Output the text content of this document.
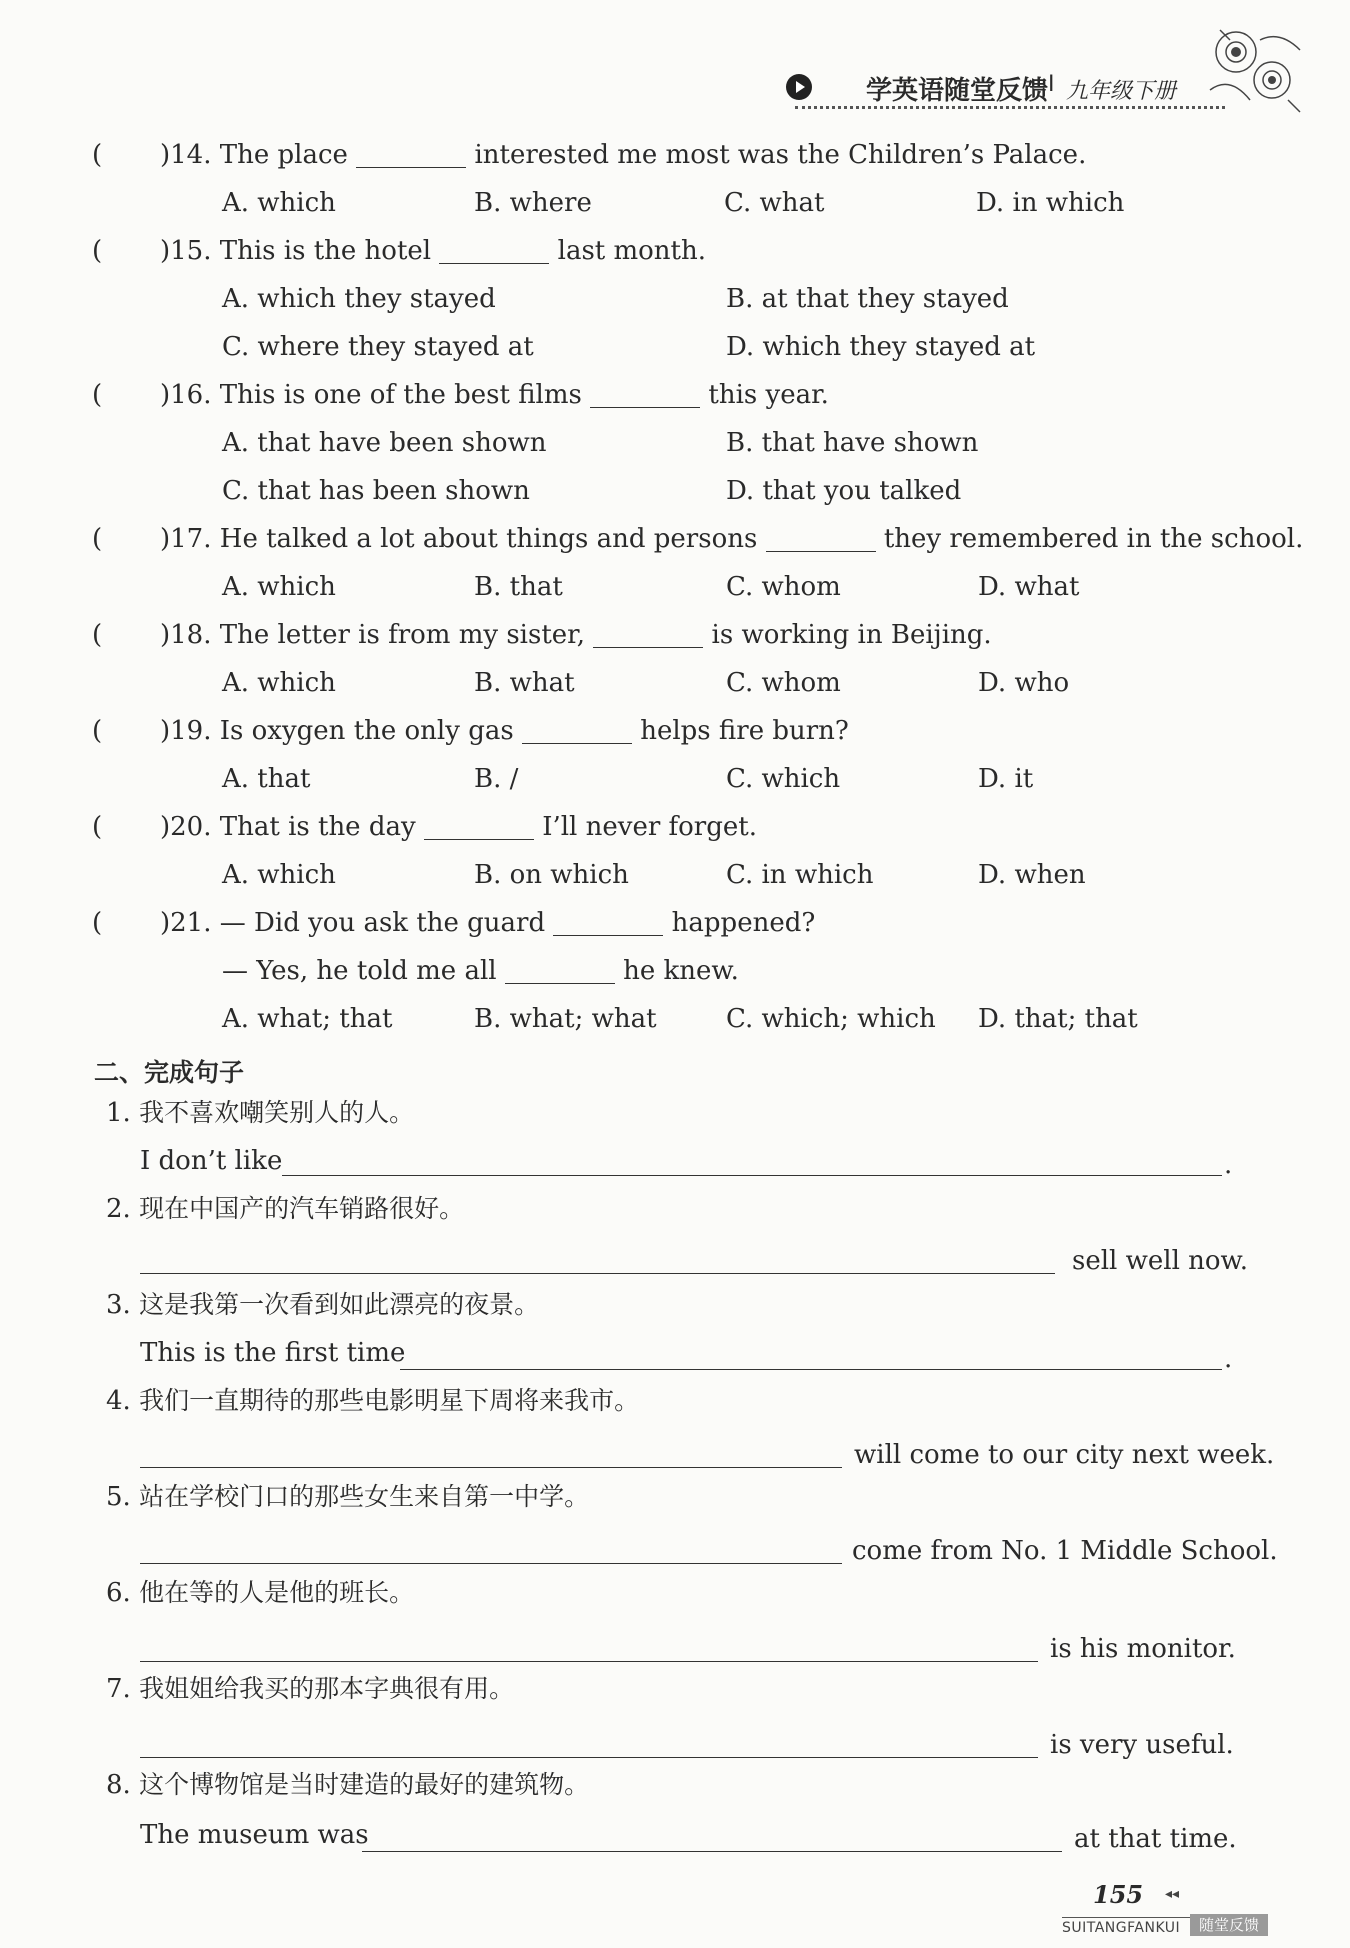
学英语随堂反馈 I 九年级下册
( )14. The place	interested me most was the Children’s Palace.
A. which	B. where	C. what	D. in which
( )15. This is the hotel	last month.
A. which they stayed	B. at that they stayed
C. where they stayed at	D. which they stayed at
( )16. This is one of the best films	this year.
A. that have been shown	B. that have shown
C. that has been shown	D. that you talked
( )17. He talked a lot about things and persons	they remembered in the school.
A. which	B. that	C. whom	D. what
( )18. The letter is from my sister,	is working in Beijing.
A. which	B. what	C. whom	D. who
( )19. Is oxygen the only gas	helps fire burn?
A. that	B. /	C. which	D. it
( )20. That is the day	I’ll never forget.
A. which	B. on which	C. in which	D. when
( )21. — Did you ask the guard	happened?
— Yes, he told me all	he knew.
A. what; that	B. what; what	C. which; which D. that; that
二、完成句子
1. 我不喜欢嘲笑别人的人。
I don’t like	.
2. 现在中国产的汽车销路很好。
sell well now.
3. 这是我第一次看到如此漂亮的夜景。
This is the first time	.
4. 我们一直期待的那些电影明星下周将来我市。
will come to our city next week.
5. 站在学校门口的那些女生来自第一中学。
come from No. 1 Middle School.
6. 他在等的人是他的班长。
is his monitor.
7. 我姐姐给我买的那本字典很有用。
is very useful.
8. 这个博物馆是当时建造的最好的建筑物。
The museum was	at that time.
155 ◂◂
SUITANGFANKUI	随堂反馈
